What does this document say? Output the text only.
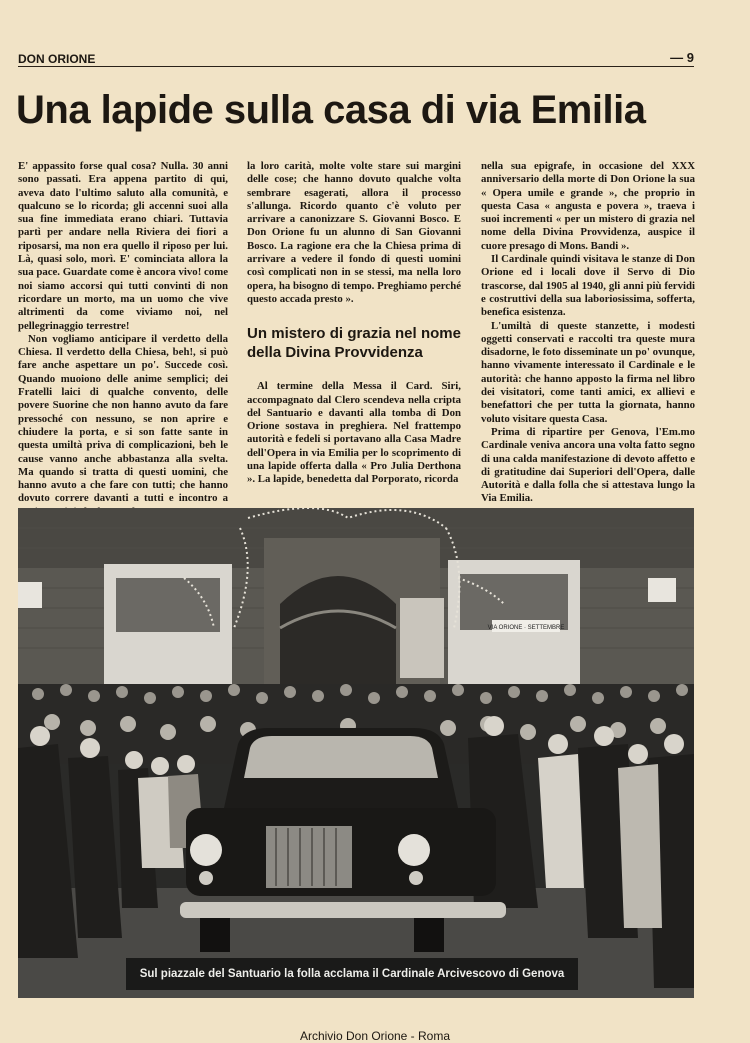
DON ORIONE	— 9
Una lapide sulla casa di via Emilia

E' appassito forse qual cosa? Nulla. 30 anni sono passati. Era appena partito di qui, aveva dato l'ultimo saluto alla comunità, e qualcuno se lo ricorda; gli accenni suoi alla sua fine immediata erano chiari. Tuttavia partì per andare nella Riviera dei fiori a riposarsi, ma non era quello il riposo per lui. Là, quasi solo, morì. E' cominciata allora la sua pace. Guardate come è ancora vivo! come noi siamo accorsi qui tutti convinti di non ricordare un morto, ma un uomo che vive altrimenti da come viviamo noi, nel pellegrinaggio terrestre!

Non vogliamo anticipare il verdetto della Chiesa. Il verdetto della Chiesa, beh!, si può fare anche aspettare un po'. Succede così. Quando muoiono delle anime semplici; dei Fratelli laici di qualche convento, delle povere Suorine che non hanno avuto da fare pressoché con nessuno, se non aprire e chiudere la porta, e si son fatte sante in questa umiltà priva di complicazioni, beh le cause vanno anche abbastanza alla svelta. Ma quando si tratta di questi uomini, che hanno avuto a che fare con tutti; che hanno dovuto correre davanti a tutti e incontro a

la loro carità, molte volte stare sui margini delle cose; che hanno dovuto qualche volta sembrare esagerati, allora il processo s'allunga. Ricordo quanto c'è voluto per arrivare a canonizzare S. Giovanni Bosco. E Don Orione fu un alunno di San Giovanni Bosco. La ragione era che la Chiesa prima di arrivare a vedere il fondo di questi uomini così complicati non in se stessi, ma nella loro opera, ha bisogno di tempo. Preghiamo perché questo accada presto ».

Un mistero di grazia nel nome della Divina Provvidenza

Al termine della Messa il Card. Siri, accompagnato dal Clero scendeva nella cripta del Santuario e davanti alla tomba di Don Orione sostava in preghiera. Nel frattempo autorità e fedeli si portavano alla Casa Madre dell'Opera in via Emilia per lo scoprimento di una lapide offerta dalla « Pro Julia Derthona ». La lapide, benedetta dal Porporato, ricorda

nella sua epigrafe, in occasione del XXX anniversario della morte di Don Orione la sua « Opera umile e grande », che proprio in questa Casa « angusta e povera », traeva i suoi incrementi « per un mistero di grazia nel nome della Divina Provvidenza, auspice il cuore presago di Mons. Bandi ».

Il Cardinale quindi visitava le stanze di Don Orione ed i locali dove il Servo di Dio trascorse, dal 1905 al 1940, gli anni più fervidi e costruttivi della sua laboriosissima, sofferta, benefica esistenza.

L'umiltà di queste stanzette, i modesti oggetti conservati e raccolti tra queste mura disadorne, le foto disseminate un po' ovunque, hanno vivamente interessato il Cardinale e le autorità: che hanno apposto la firma nel libro dei visitatori, come tanti amici, ex allievi e benefattori che per tutta la giornata, hanno voluto visitare questa Casa.

Prima di ripartire per Genova, l'Em.mo Cardinale veniva ancora una volta fatto segno di una calda manifestazione di devoto affetto e di gratitudine dai Superiori dell'Opera, dalle Autorità e dalla folla che si attestava lungo la Via Emilia.

VIA ORIONE · SETTEMBRE
Sul piazzale del Santuario la folla acclama il Cardinale Arcivescovo di Genova
Archivio Don Orione - Roma
